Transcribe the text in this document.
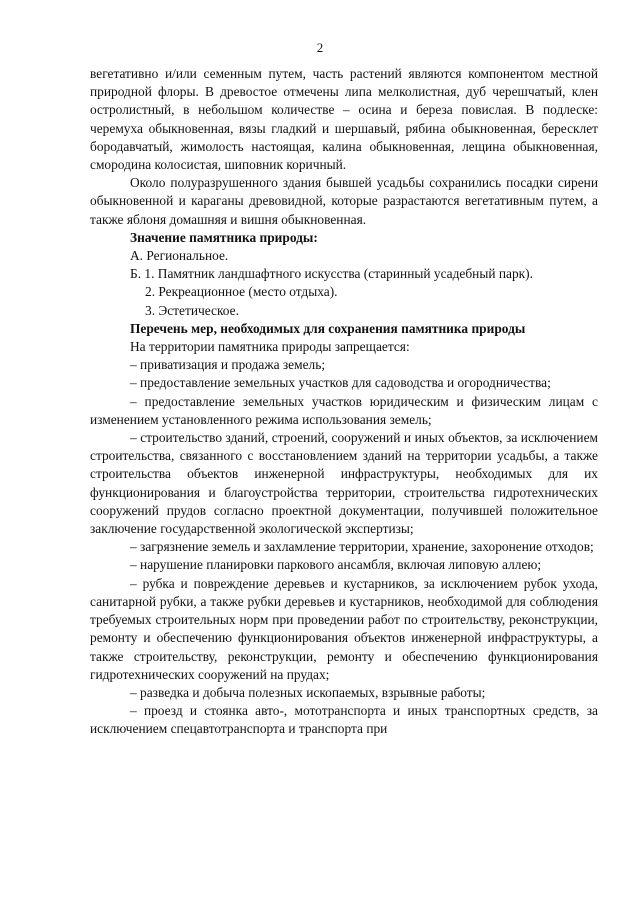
2

вегетативно и/или семенным путем, часть растений являются компонентом местной природной флоры. В древостое отмечены липа мелколистная, дуб черешчатый, клен остролистный, в небольшом количестве – осина и береза повислая. В подлеске: черемуха обыкновенная, вязы гладкий и шершавый, рябина обыкновенная, бересклет бородавчатый, жимолость настоящая, калина обыкновенная, лещина обыкновенная, смородина колосистая, шиповник коричный.

Около полуразрушенного здания бывшей усадьбы сохранились посадки сирени обыкновенной и караганы древовидной, которые разрастаются вегетативным путем, а также яблоня домашняя и вишня обыкновенная.

Значение памятника природы:

А. Региональное.

Б. 1. Памятник ландшафтного искусства (старинный усадебный парк).

2. Рекреационное (место отдыха).

3. Эстетическое.

Перечень мер, необходимых для сохранения памятника природы

На территории памятника природы запрещается:

– приватизация и продажа земель;

– предоставление земельных участков для садоводства и огородничества;

– предоставление земельных участков юридическим и физическим лицам с изменением установленного режима использования земель;

– строительство зданий, строений, сооружений и иных объектов, за исключением строительства, связанного с восстановлением зданий на территории усадьбы, а также строительства объектов инженерной инфраструктуры, необходимых для их функционирования и благоустройства территории, строительства гидротехнических сооружений прудов согласно проектной документации, получившей положительное заключение государственной экологической экспертизы;

– загрязнение земель и захламление территории, хранение, захоронение отходов;

– нарушение планировки паркового ансамбля, включая липовую аллею;

– рубка и повреждение деревьев и кустарников, за исключением рубок ухода, санитарной рубки, а также рубки деревьев и кустарников, необходимой для соблюдения требуемых строительных норм при проведении работ по строительству, реконструкции, ремонту и обеспечению функционирования объектов инженерной инфраструктуры, а также строительству, реконструкции, ремонту и обеспечению функционирования гидротехнических сооружений на прудах;

– разведка и добыча полезных ископаемых, взрывные работы;

– проезд и стоянка авто-, мототранспорта и иных транспортных средств, за исключением спецавтотранспорта и транспорта при
